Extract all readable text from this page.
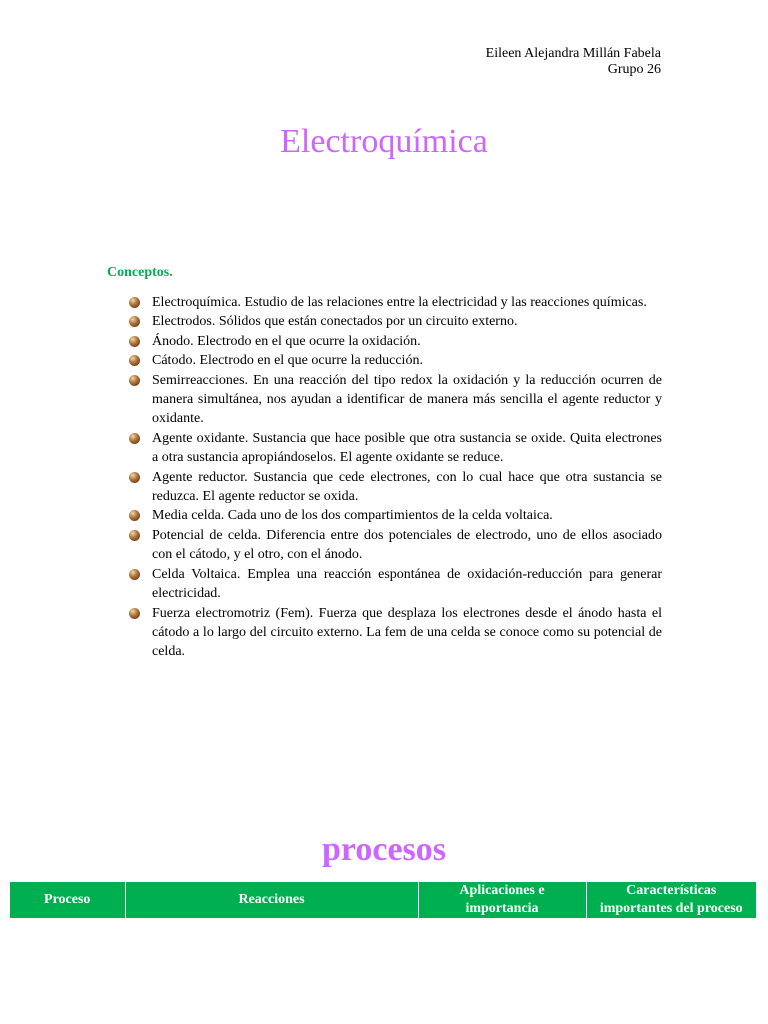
Eileen Alejandra Millán Fabela
Grupo 26
Electroquímica
Conceptos.
Electroquímica. Estudio de las relaciones entre la electricidad y las reacciones químicas.
Electrodos. Sólidos que están conectados por un circuito externo.
Ánodo. Electrodo en el que ocurre la oxidación.
Cátodo. Electrodo en el que ocurre la reducción.
Semirreacciones. En una reacción del tipo redox la oxidación y la reducción ocurren de manera simultánea, nos ayudan a identificar de manera más sencilla el agente reductor y oxidante.
Agente oxidante. Sustancia que hace posible que otra sustancia se oxide. Quita electrones a otra sustancia apropiándoselos. El agente oxidante se reduce.
Agente reductor. Sustancia que cede electrones, con lo cual hace que otra sustancia se reduzca. El agente reductor se oxida.
Media celda. Cada uno de los dos compartimientos de la celda voltaica.
Potencial de celda. Diferencia entre dos potenciales de electrodo, uno de ellos asociado con el cátodo, y el otro, con el ánodo.
Celda Voltaica. Emplea una reacción espontánea de oxidación-reducción para generar electricidad.
Fuerza electromotriz (Fem). Fuerza que desplaza los electrones desde el ánodo hasta el cátodo a lo largo del circuito externo. La fem de una celda se conoce como su potencial de celda.
procesos
Proceso	Reacciones	Aplicaciones e importancia	Características importantes del proceso
